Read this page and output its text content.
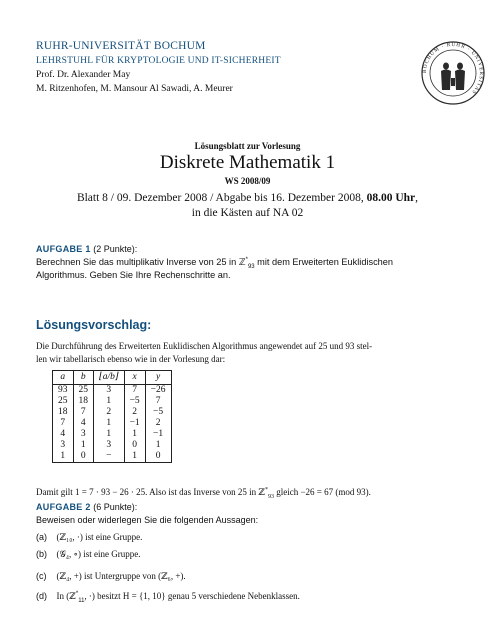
RUHR-UNIVERSITÄT BOCHUM
LEHRSTUHL FÜR KRYPTOLOGIE UND IT-SICHERHEIT
Prof. Dr. Alexander May
M. Ritzenhofen, M. Mansour Al Sawadi, A. Meurer
BOCHUM · RUHR · UNIVERSITAS
Lösungsblatt zur Vorlesung
Diskrete Mathematik 1
WS 2008/09
Blatt 8 / 09. Dezember 2008 / Abgabe bis 16. Dezember 2008, 08.00 Uhr,
in die Kästen auf NA 02
AUFGABE 1 (2 Punkte):
Berechnen Sie das multiplikativ Inverse von 25 in ℤ*$_{93}$ mit dem Erweiterten Euklidischen
Algorithmus. Geben Sie Ihre Rechenschritte an.
Lösungsvorschlag:
Die Durchführung des Erweiterten Euklidischen Algorithmus angewendet auf 25 und 93 stel-
len wir tabellarisch ebenso wie in der Vorlesung dar:
a	b	⌊a/b⌋	x	y
93	25	3	7	−26
25	18	1	−5	7
18	7	2	2	−5
7	4	1	−1	2
4	3	1	1	−1
3	1	3	0	1
1	0	−	1	0
Damit gilt 1 = 7 · 93 − 26 · 25. Also ist das Inverse von 25 in ℤ*$_{93}$ gleich −26 = 67 (mod 93).
AUFGABE 2 (6 Punkte):
Beweisen oder widerlegen Sie die folgenden Aussagen:
(a) (ℤ₁₀, ·) ist eine Gruppe.
(b) (𝒢₄, ∘) ist eine Gruppe.
(c) (ℤ₄, +) ist Untergruppe von (ℤ₆, +).
(d) In (ℤ*$_{11}$, ·) besitzt H = {1, 10} genau 5 verschiedene Nebenklassen.
